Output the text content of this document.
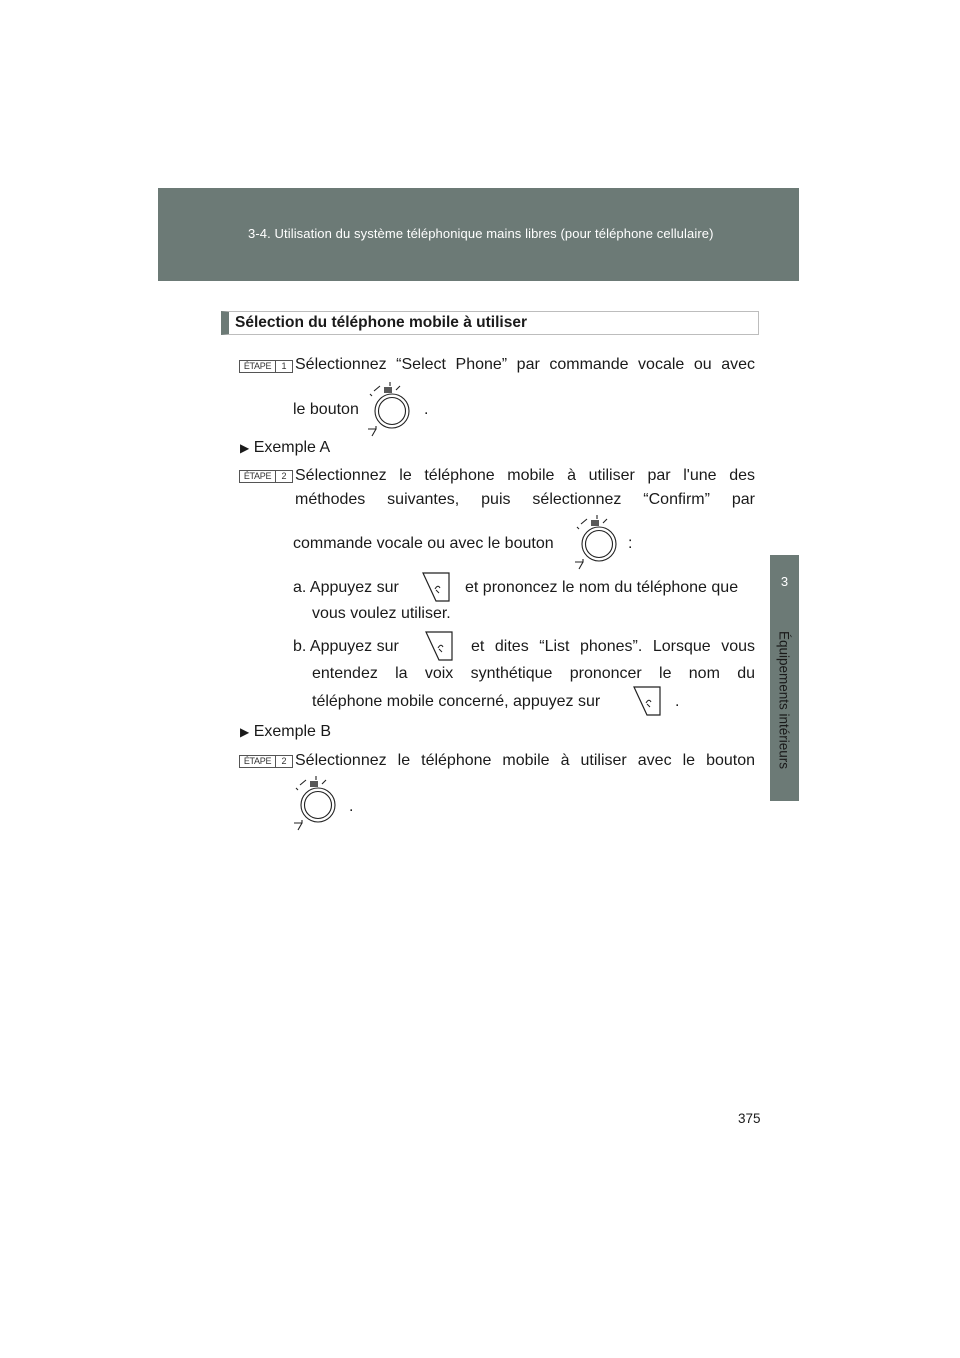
3-4. Utilisation du système téléphonique mains libres (pour téléphone cellulaire)
3
Équipements intérieurs
Sélection du téléphone mobile à utiliser
ÉTAPE	1 Sélectionnez “Select Phone” par commande vocale ou avec
le bouton	.
▶ Exemple A
ÉTAPE	2 Sélectionnez le téléphone mobile à utiliser par l'une des
méthodes suivantes, puis sélectionnez “Confirm” par
commande vocale ou avec le bouton	:
a. Appuyez sur	et prononcez le nom du téléphone que
vous voulez utiliser.
b. Appuyez sur	et dites “List phones”. Lorsque vous
entendez la voix synthétique prononcer le nom du
téléphone mobile concerné, appuyez sur	.
▶ Exemple B
ÉTAPE	2 Sélectionnez le téléphone mobile à utiliser avec le bouton
.
375
